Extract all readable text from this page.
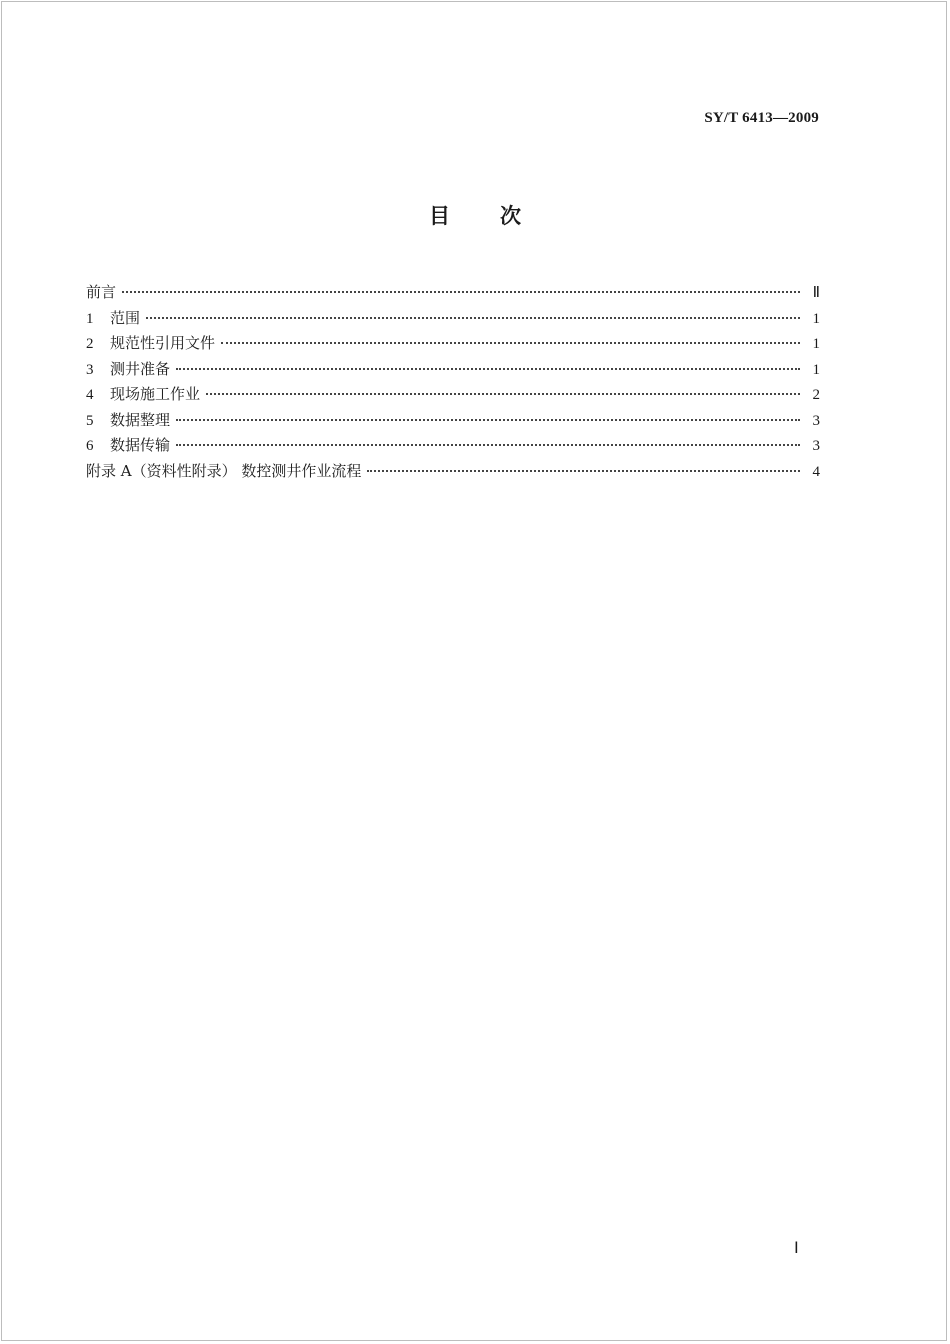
SY/T 6413—2009
目 次
前言	Ⅱ
1	范围	1
2	规范性引用文件	1
3	测井准备	1
4	现场施工作业	2
5	数据整理	3
6	数据传输	3
附录 A（资料性附录） 数控测井作业流程	4
Ⅰ
